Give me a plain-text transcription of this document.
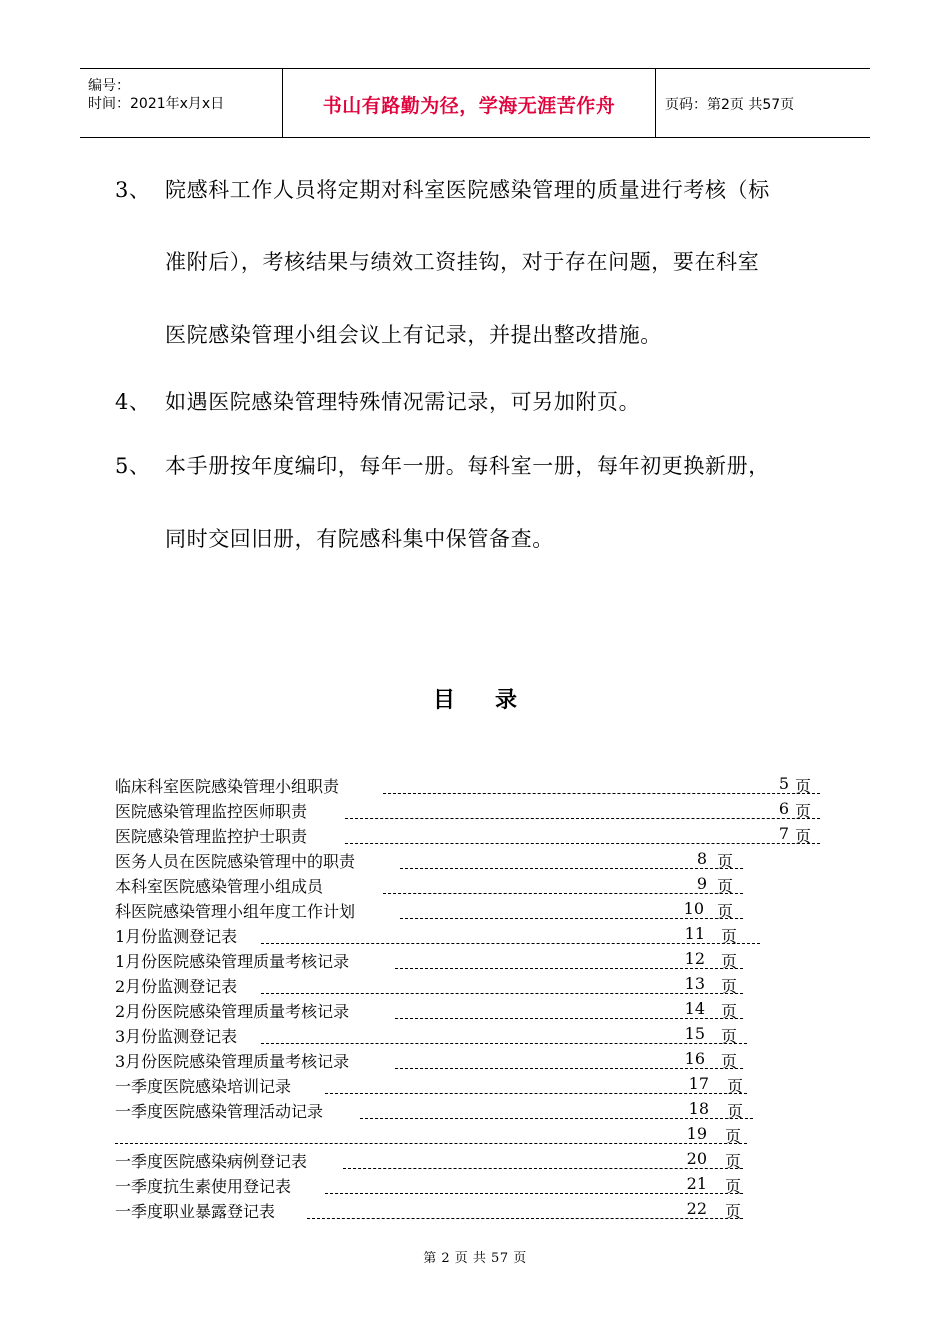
编号：
时间：2021年x月x日	书山有路勤为径，学海无涯苦作舟	页码：第2页 共57页
3、 院感科工作人员将定期对科室医院感染管理的质量进行考核（标
准附后），考核结果与绩效工资挂钩，对于存在问题，要在科室
医院感染管理小组会议上有记录，并提出整改措施。
4、 如遇医院感染管理特殊情况需记录，可另加附页。
5、 本手册按年度编印，每年一册。每科室一册，每年初更换新册，
同时交回旧册，有院感科集中保管备查。
目录
临床科室医院感染管理小组职责	5 页
医院感染管理监控医师职责	6 页
医院感染管理监控护士职责	7 页
医务人员在医院感染管理中的职责	8 页
本科室医院感染管理小组成员	9 页
科医院感染管理小组年度工作计划	10 页
1月份监测登记表	11 页
1月份医院感染管理质量考核记录	12 页
2月份监测登记表	13 页
2月份医院感染管理质量考核记录	14 页
3月份监测登记表	15 页
3月份医院感染管理质量考核记录	16 页
一季度医院感染培训记录	17 页
一季度医院感染管理活动记录	18 页
19 页
一季度医院感染病例登记表	20 页
一季度抗生素使用登记表	21 页
一季度职业暴露登记表	22 页
第 2 页 共 57 页
